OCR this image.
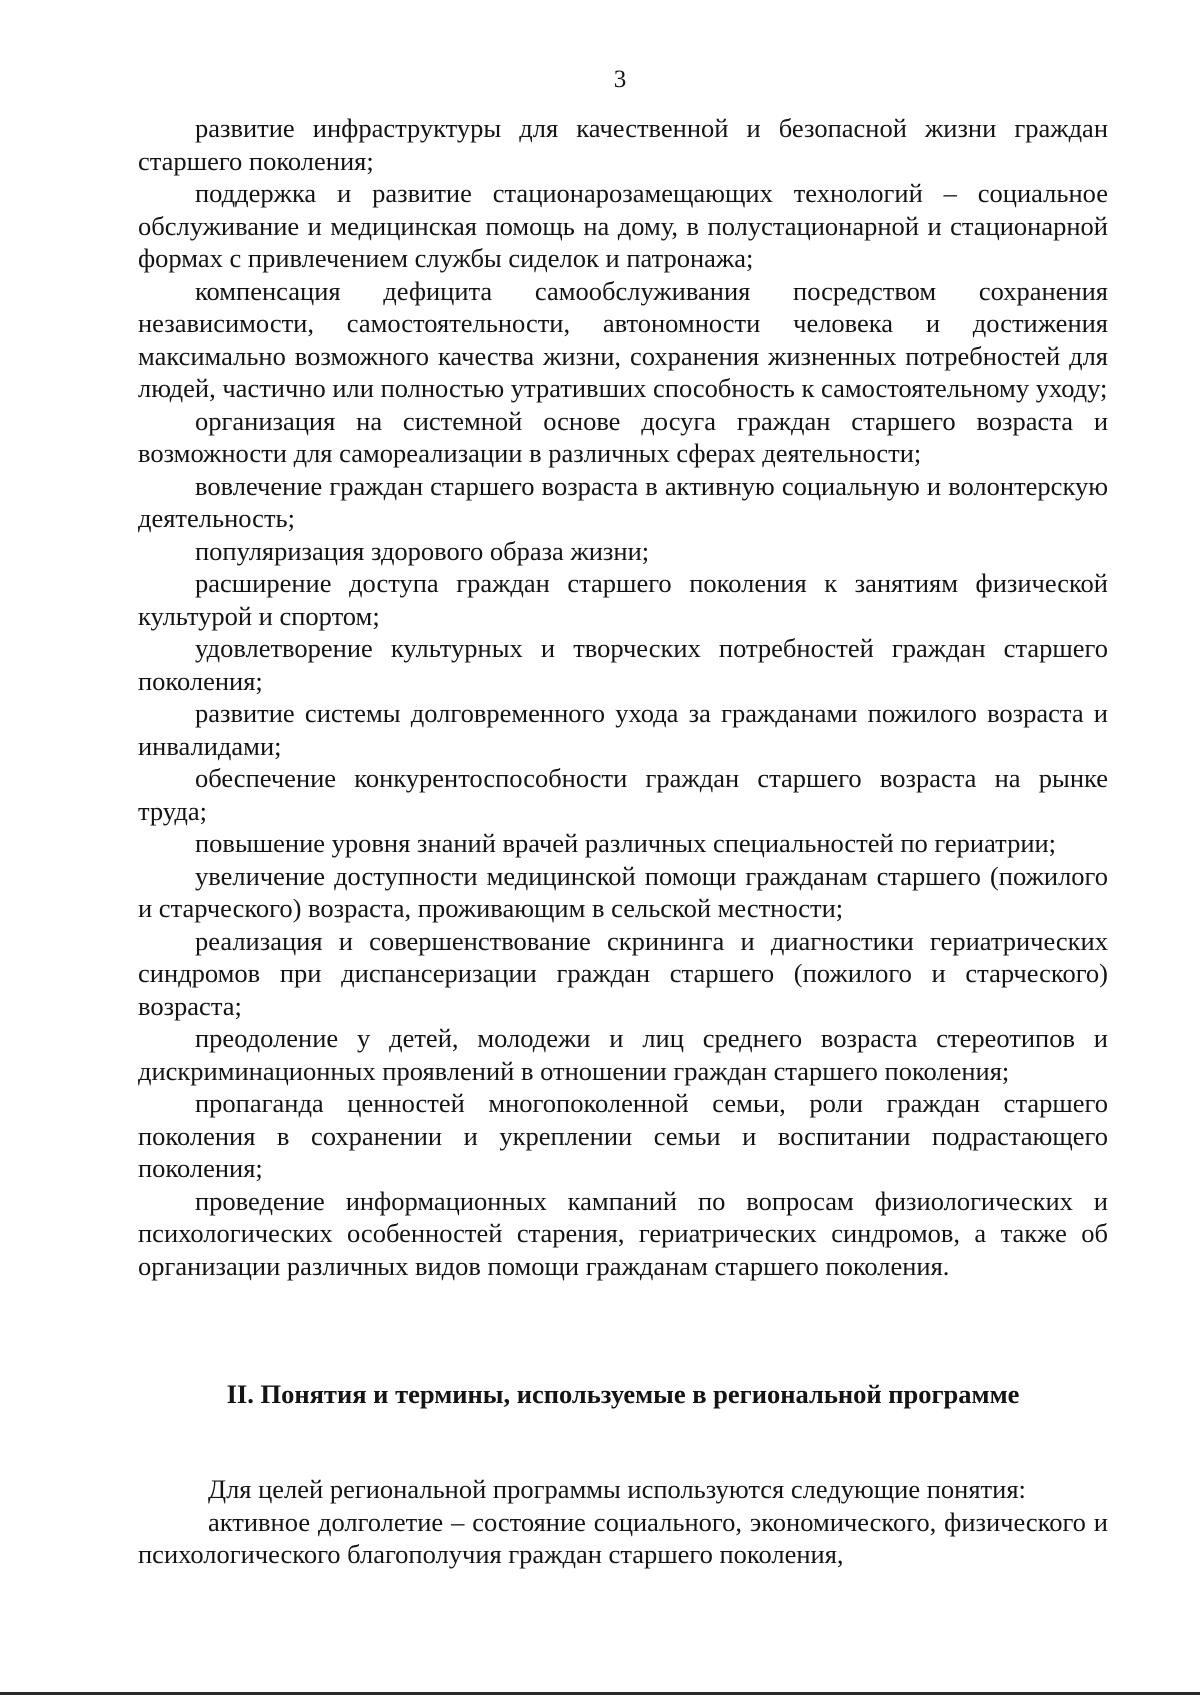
3

развитие инфраструктуры для качественной и безопасной жизни граждан старшего поколения;

поддержка и развитие стационарозамещающих технологий – социальное обслуживание и медицинская помощь на дому, в полустационарной и стационарной формах с привлечением службы сиделок и патронажа;

компенсация дефицита самообслуживания посредством сохранения независимости, самостоятельности, автономности человека и достижения максимально возможного качества жизни, сохранения жизненных потребностей для людей, частично или полностью утративших способность к самостоятельному уходу;

организация на системной основе досуга граждан старшего возраста и возможности для самореализации в различных сферах деятельности;

вовлечение граждан старшего возраста в активную социальную и волонтерскую деятельность;

популяризация здорового образа жизни;

расширение доступа граждан старшего поколения к занятиям физической культурой и спортом;

удовлетворение культурных и творческих потребностей граждан старшего поколения;

развитие системы долговременного ухода за гражданами пожилого возраста и инвалидами;

обеспечение конкурентоспособности граждан старшего возраста на рынке труда;

повышение уровня знаний врачей различных специальностей по гериатрии;

увеличение доступности медицинской помощи гражданам старшего (пожилого и старческого) возраста, проживающим в сельской местности;

реализация и совершенствование скрининга и диагностики гериатрических синдромов при диспансеризации граждан старшего (пожилого и старческого) возраста;

преодоление у детей, молодежи и лиц среднего возраста стереотипов и дискриминационных проявлений в отношении граждан старшего поколения;

пропаганда ценностей многопоколенной семьи, роли граждан старшего поколения в сохранении и укреплении семьи и воспитании подрастающего поколения;

проведение информационных кампаний по вопросам физиологических и психологических особенностей старения, гериатрических синдромов, а также об организации различных видов помощи гражданам старшего поколения.

II. Понятия и термины, используемые в региональной программе

Для целей региональной программы используются следующие понятия:

активное долголетие – состояние социального, экономического, физического и психологического благополучия граждан старшего поколения,
